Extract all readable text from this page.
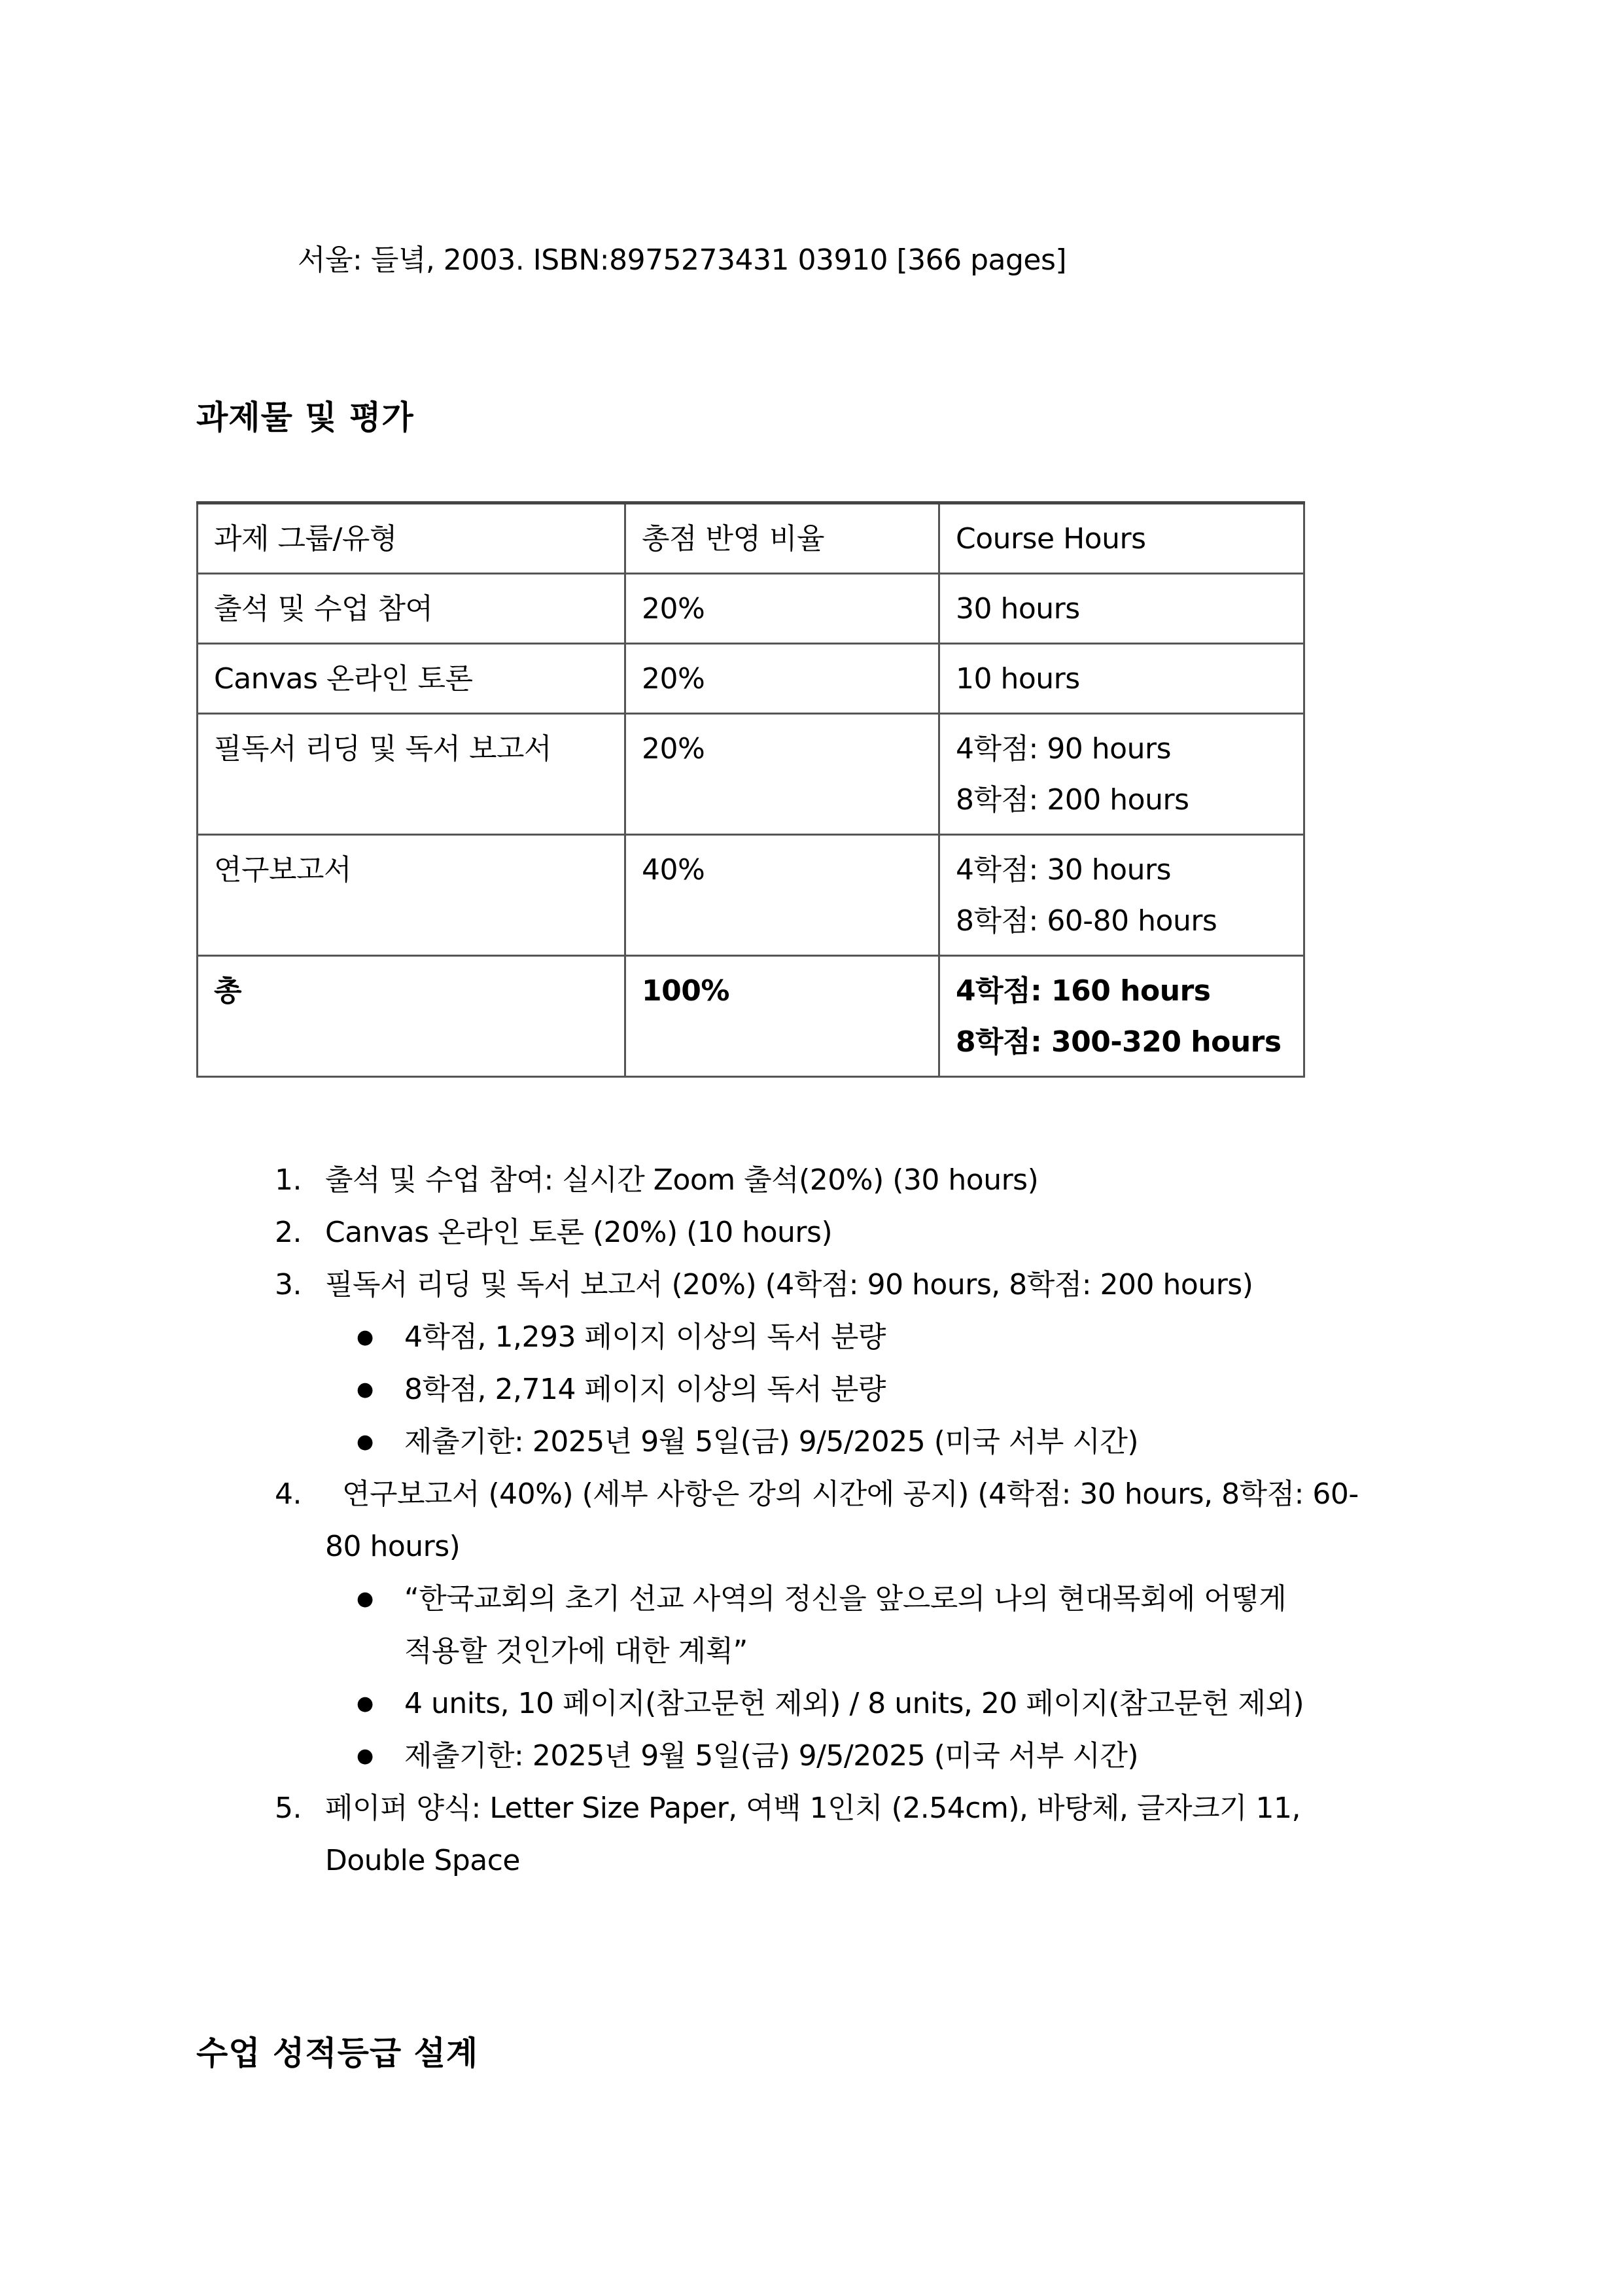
서울: 들녘, 2003. ISBN:8975273431 03910 [366 pages]
과제물 및 평가
과제 그룹/유형	총점 반영 비율	Course Hours
출석 및 수업 참여	20%	30 hours

Canvas 온라인 토론	20%	10 hours

필독서 리딩 및 독서 보고서	20%	4학점: 90 hours
8학점: 200 hours

연구보고서	40%	4학점: 30 hours
8학점: 60-80 hours

총	100%	4학점: 160 hours
8학점: 300-320 hours
1. 출석 및 수업 참여: 실시간 Zoom 출석(20%) (30 hours)
2. Canvas 온라인 토론 (20%) (10 hours)
3. 필독서 리딩 및 독서 보고서 (20%) (4학점: 90 hours, 8학점: 200 hours)
● 4학점, 1,293 페이지 이상의 독서 분량
● 8학점, 2,714 페이지 이상의 독서 분량
● 제출기한: 2025년 9월 5일(금) 9/5/2025 (미국 서부 시간)
4. 연구보고서 (40%) (세부 사항은 강의 시간에 공지) (4학점: 30 hours, 8학점: 60-
80 hours)
● “한국교회의 초기 선교 사역의 정신을 앞으로의 나의 현대목회에 어떻게
적용할 것인가에 대한 계획”
● 4 units, 10 페이지(참고문헌 제외) / 8 units, 20 페이지(참고문헌 제외)
● 제출기한: 2025년 9월 5일(금) 9/5/2025 (미국 서부 시간)
5. 페이퍼 양식: Letter Size Paper, 여백 1인치 (2.54cm), 바탕체, 글자크기 11,
Double Space
수업 성적등급 설계
